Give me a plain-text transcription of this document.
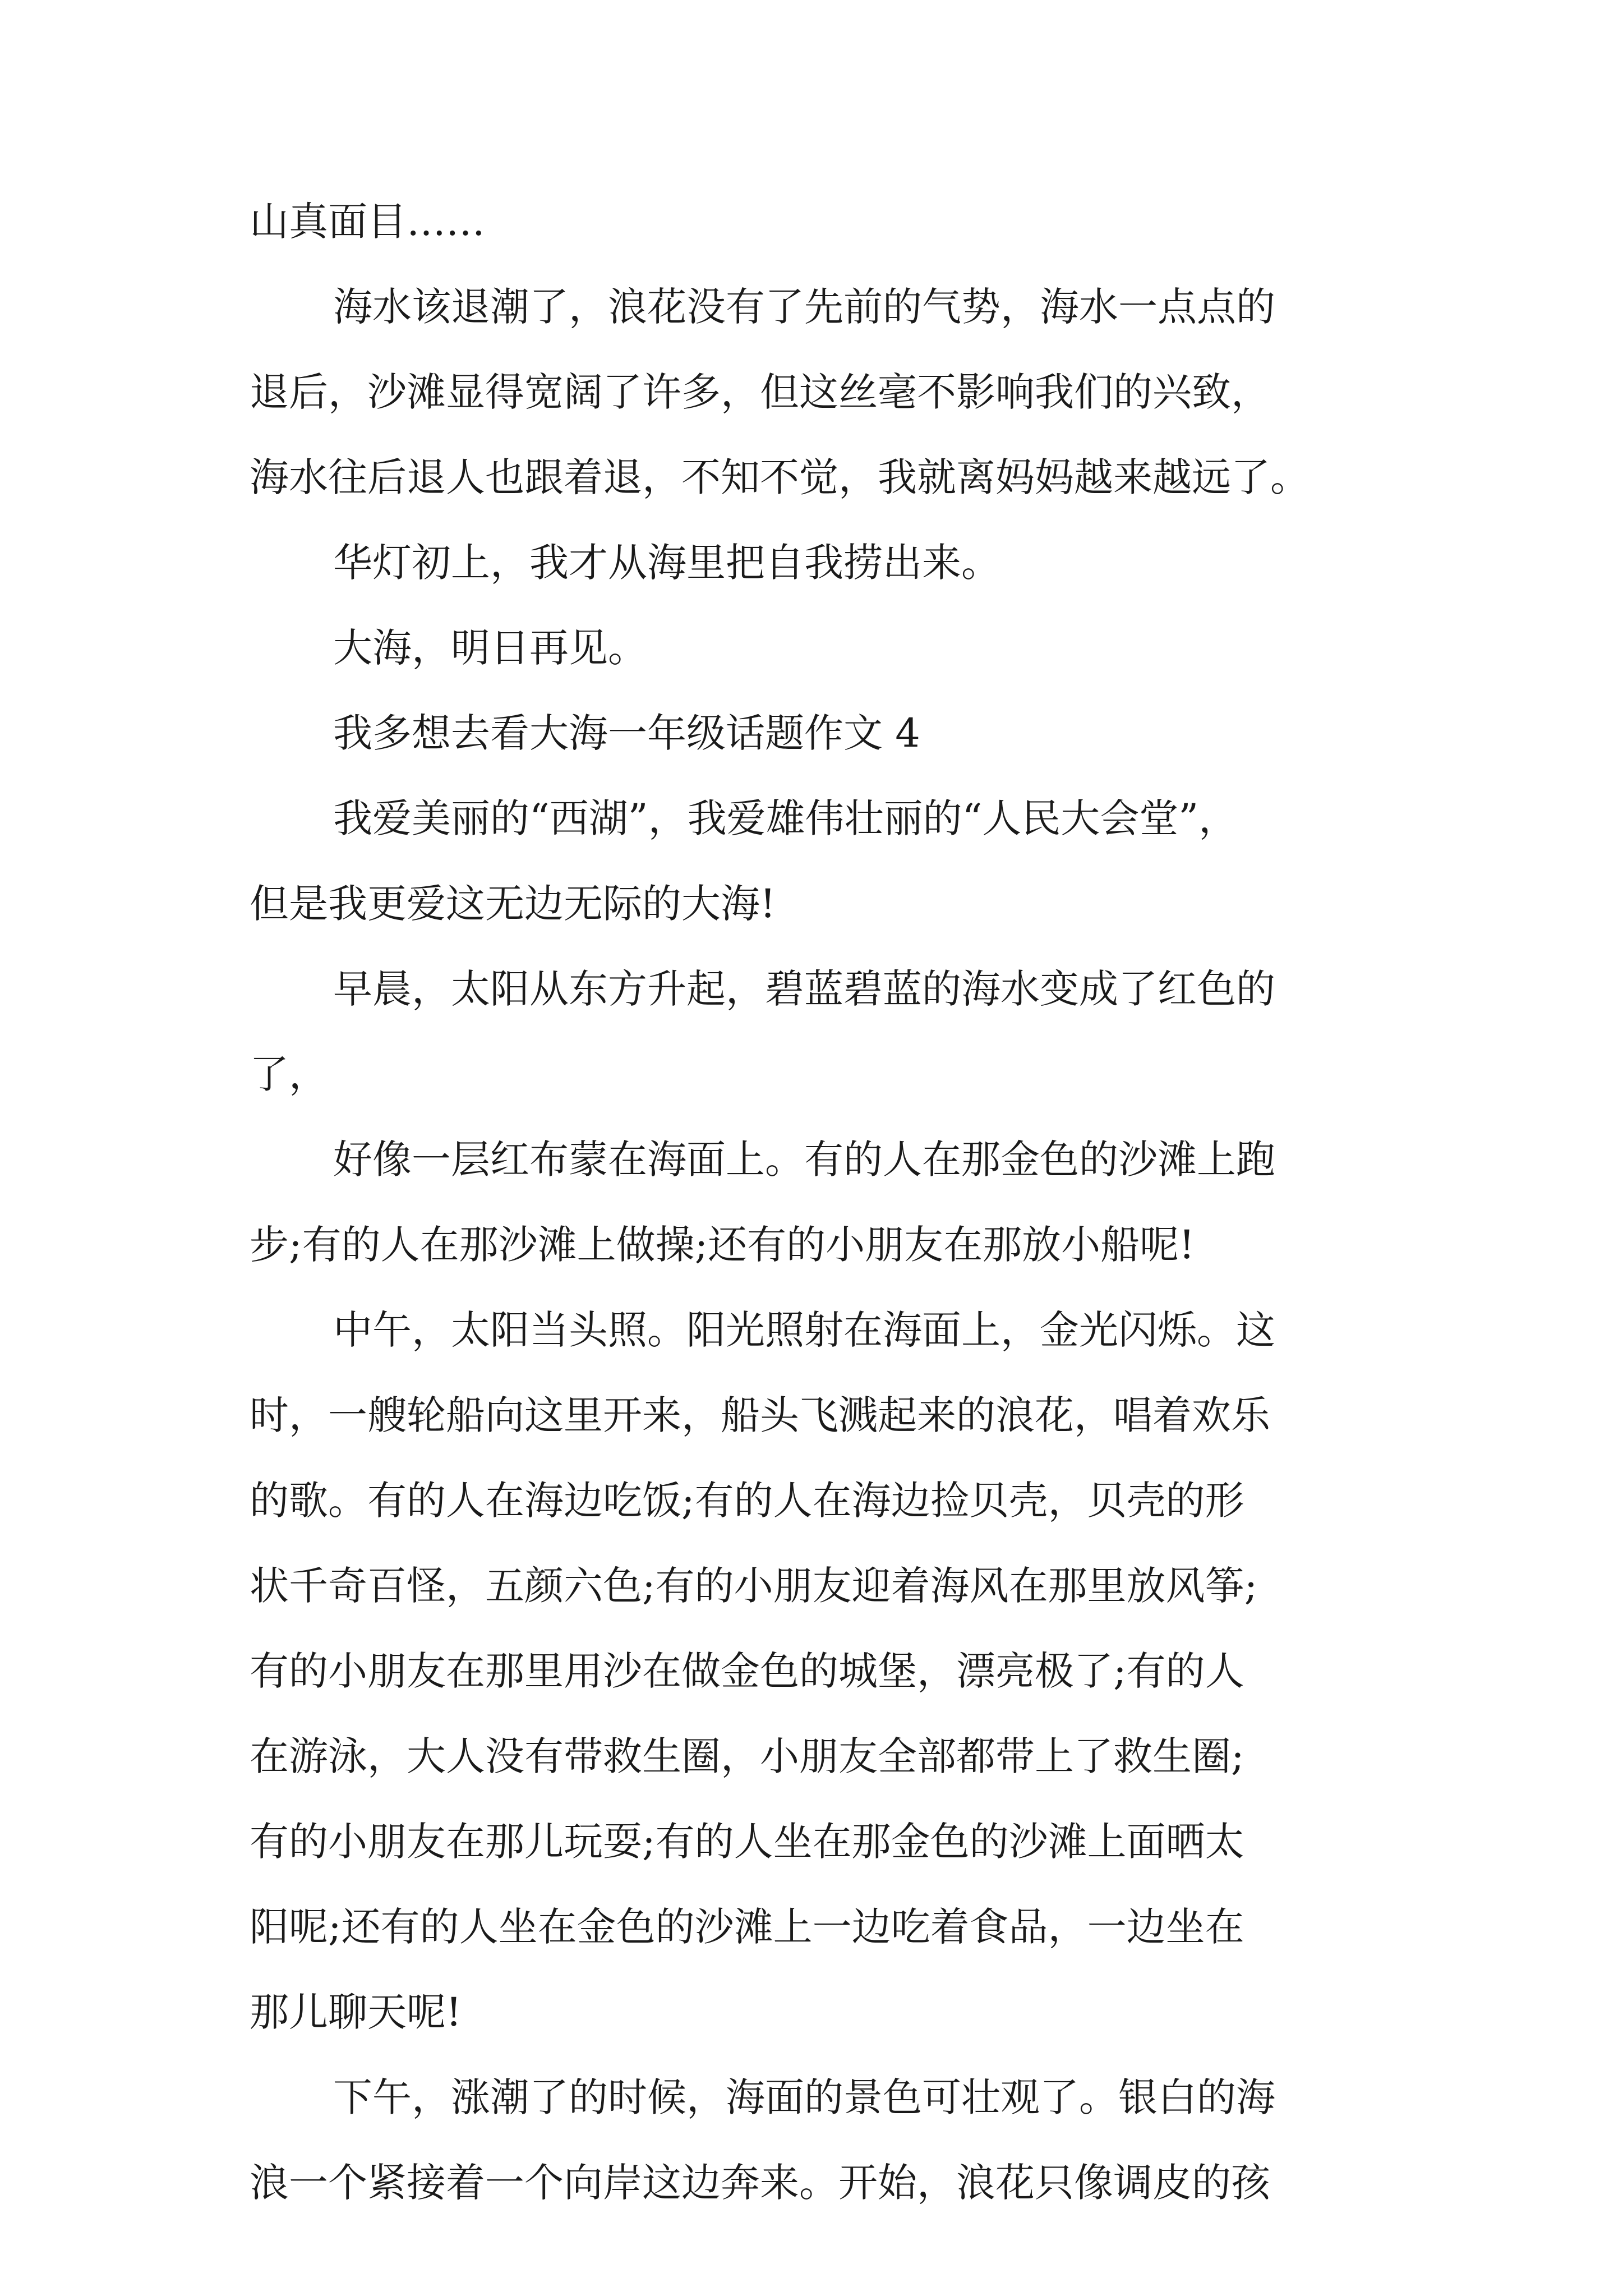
山真面目……
海水该退潮了，浪花没有了先前的气势，海水一点点的
退后，沙滩显得宽阔了许多，但这丝毫不影响我们的兴致，
海水往后退人也跟着退，不知不觉，我就离妈妈越来越远了。
华灯初上，我才从海里把自我捞出来。
大海，明日再见。
我多想去看大海一年级话题作文 4
我爱美丽的“西湖”，我爱雄伟壮丽的“人民大会堂”，
但是我更爱这无边无际的大海!
早晨，太阳从东方升起，碧蓝碧蓝的海水变成了红色的
了，
好像一层红布蒙在海面上。有的人在那金色的沙滩上跑
步;有的人在那沙滩上做操;还有的小朋友在那放小船呢!
中午，太阳当头照。阳光照射在海面上，金光闪烁。这
时，一艘轮船向这里开来，船头飞溅起来的浪花，唱着欢乐
的歌。有的人在海边吃饭;有的人在海边捡贝壳，贝壳的形
状千奇百怪，五颜六色;有的小朋友迎着海风在那里放风筝;
有的小朋友在那里用沙在做金色的城堡，漂亮极了;有的人
在游泳，大人没有带救生圈，小朋友全部都带上了救生圈;
有的小朋友在那儿玩耍;有的人坐在那金色的沙滩上面晒太
阳呢;还有的人坐在金色的沙滩上一边吃着食品，一边坐在
那儿聊天呢!
下午，涨潮了的时候，海面的景色可壮观了。银白的海
浪一个紧接着一个向岸这边奔来。开始，浪花只像调皮的孩
